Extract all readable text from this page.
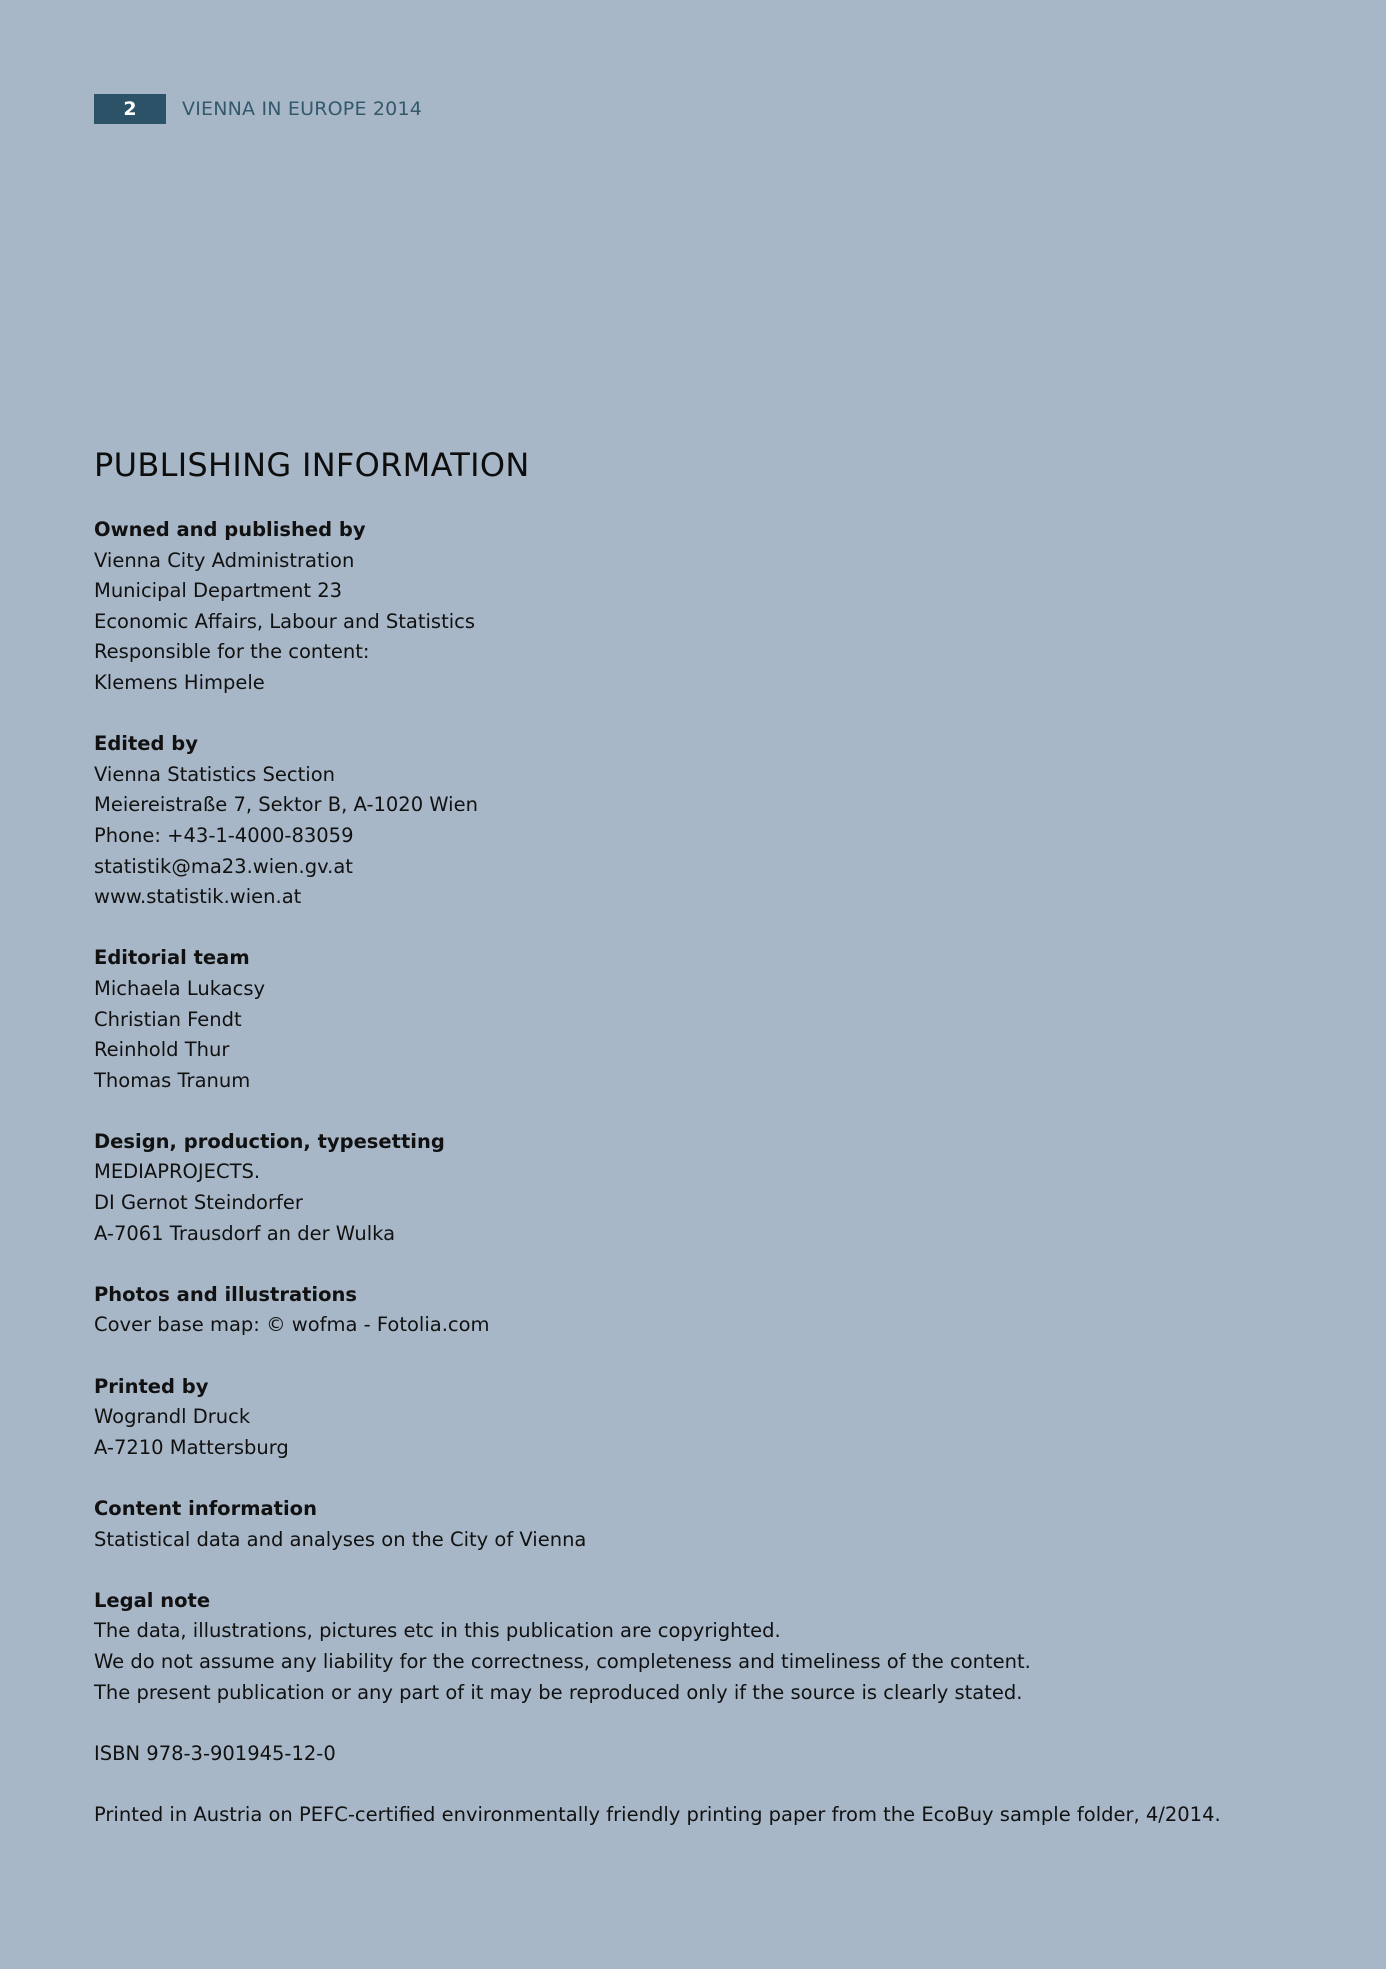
2	VIENNA IN EUROPE 2014
PUBLISHING INFORMATION
Owned and published by
Vienna City Administration
Municipal Department 23
Economic Affairs, Labour and Statistics
Responsible for the content:
Klemens Himpele
Edited by
Vienna Statistics Section
Meiereistraße 7, Sektor B, A-1020 Wien
Phone: +43-1-4000-83059
statistik@ma23.wien.gv.at
www.statistik.wien.at
Editorial team
Michaela Lukacsy
Christian Fendt
Reinhold Thur
Thomas Tranum
Design, production, typesetting
MEDIAPROJECTS.
DI Gernot Steindorfer
A-7061 Trausdorf an der Wulka
Photos and illustrations
Cover base map: © wofma - Fotolia.com
Printed by
Wograndl Druck
A-7210 Mattersburg
Content information
Statistical data and analyses on the City of Vienna
Legal note
The data, illustrations, pictures etc in this publication are copyrighted.
We do not assume any liability for the correctness, completeness and timeliness of the content.
The present publication or any part of it may be reproduced only if the source is clearly stated.
ISBN 978-3-901945-12-0
Printed in Austria on PEFC-certified environmentally friendly printing paper from the EcoBuy sample folder, 4/2014.
